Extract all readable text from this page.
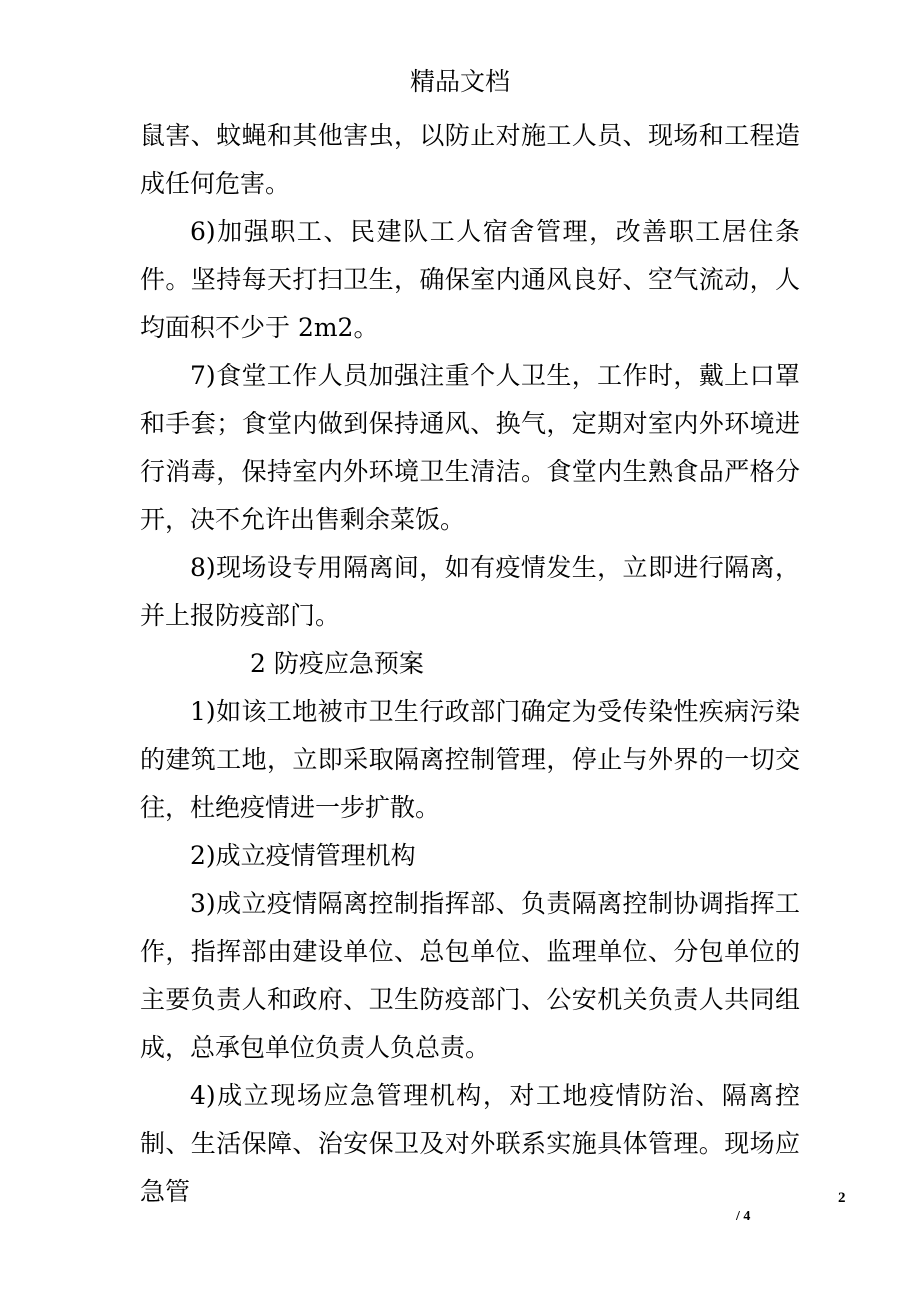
精品文档

鼠害、蚊蝇和其他害虫，以防止对施工人员、现场和工程造成任何危害。

6)加强职工、民建队工人宿舍管理，改善职工居住条件。坚持每天打扫卫生，确保室内通风良好、空气流动，人均面积不少于 2m2。

7)食堂工作人员加强注重个人卫生，工作时，戴上口罩和手套；食堂内做到保持通风、换气，定期对室内外环境进行消毒，保持室内外环境卫生清洁。食堂内生熟食品严格分开，决不允许出售剩余菜饭。

8)现场设专用隔离间，如有疫情发生，立即进行隔离，并上报防疫部门。

2 防疫应急预案

1)如该工地被市卫生行政部门确定为受传染性疾病污染的建筑工地，立即采取隔离控制管理，停止与外界的一切交往，杜绝疫情进一步扩散。

2)成立疫情管理机构

3)成立疫情隔离控制指挥部、负责隔离控制协调指挥工作，指挥部由建设单位、总包单位、监理单位、分包单位的主要负责人和政府、卫生防疫部门、公安机关负责人共同组成，总承包单位负责人负总责。

4)成立现场应急管理机构，对工地疫情防治、隔离控制、生活保障、治安保卫及对外联系实施具体管理。现场应急管	2
/ 4
